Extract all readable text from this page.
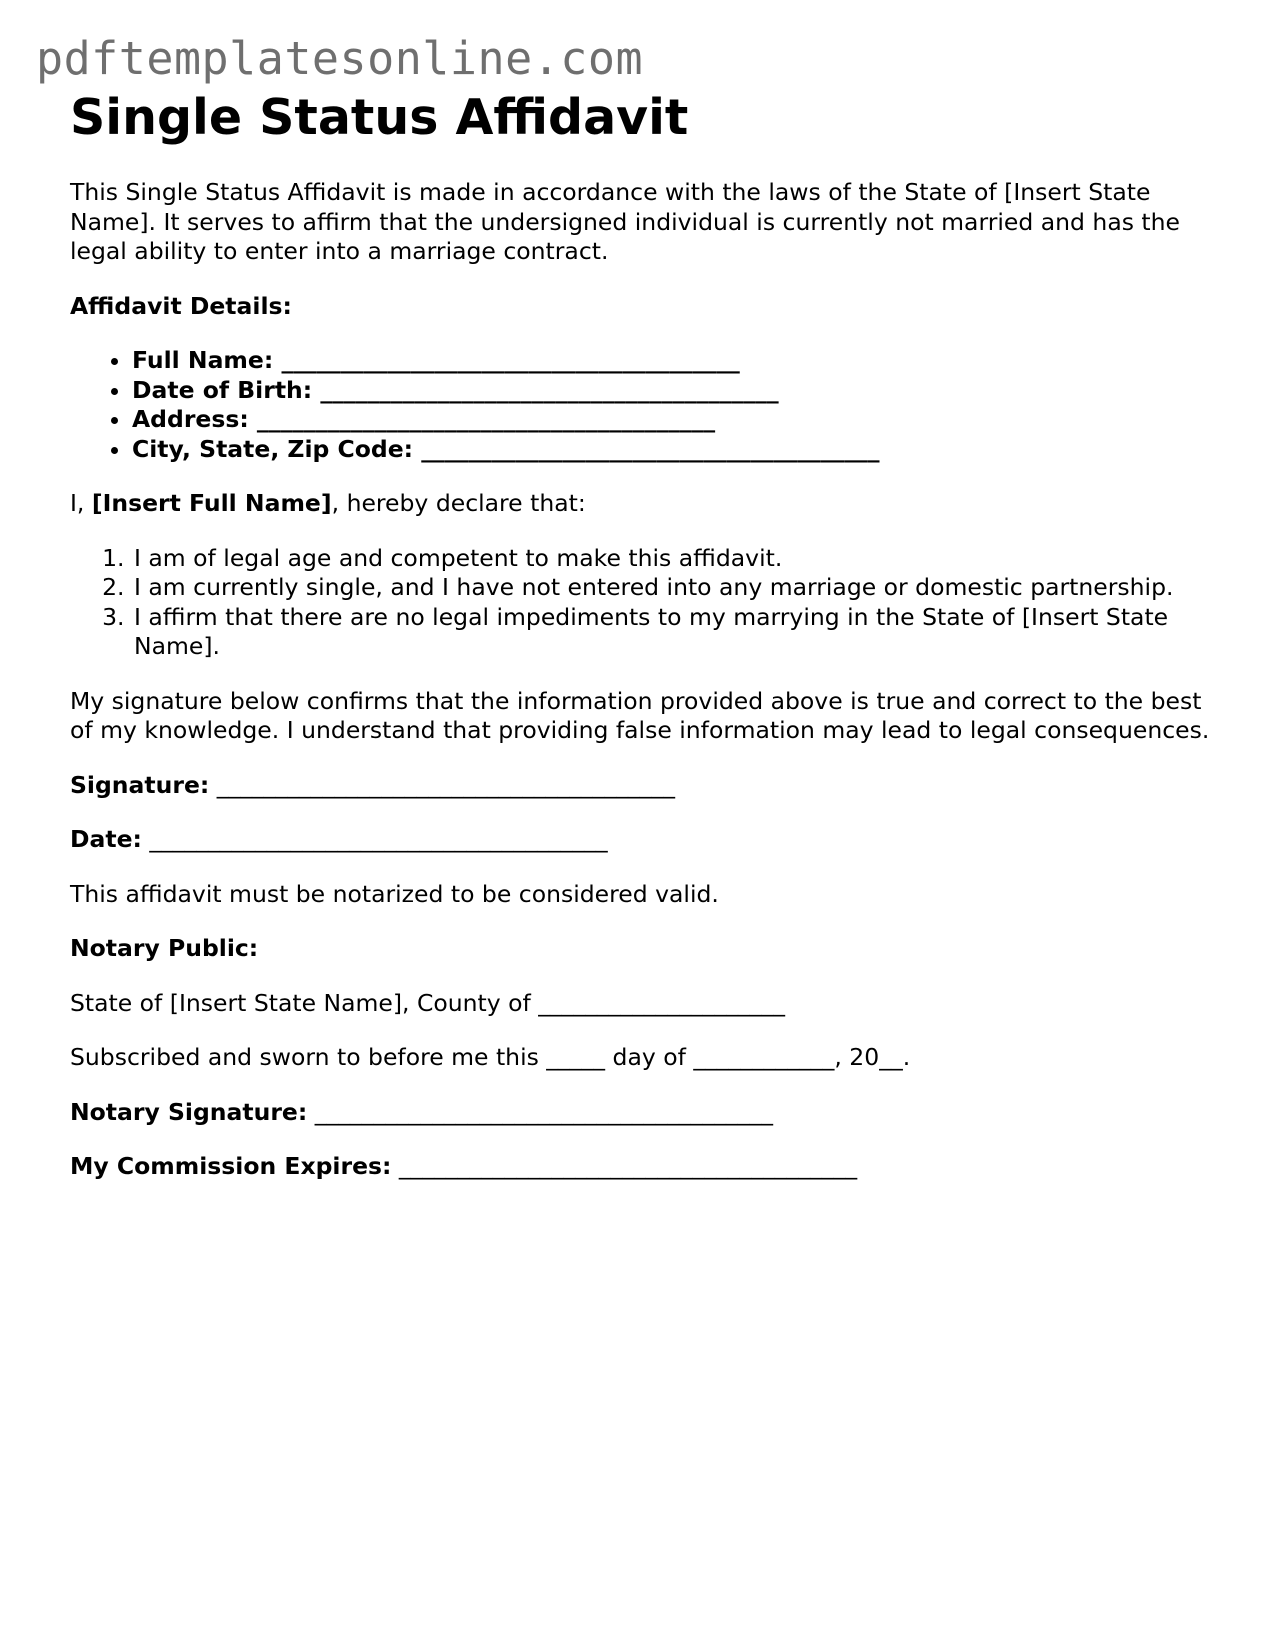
pdftemplatesonline.com
Single Status Affidavit

This Single Status Affidavit is made in accordance with the laws of the State of [Insert State Name]. It serves to affirm that the undersigned individual is currently not married and has the legal ability to enter into a marriage contract.

Affidavit Details:

• Full Name: _______________________________________
• Date of Birth: _______________________________________
• Address: _______________________________________
• City, State, Zip Code: _______________________________________

I, [Insert Full Name], hereby declare that:

1. I am of legal age and competent to make this affidavit.
2. I am currently single, and I have not entered into any marriage or domestic partnership.
3. I affirm that there are no legal impediments to my marrying in the State of [Insert State Name].

My signature below confirms that the information provided above is true and correct to the best of my knowledge. I understand that providing false information may lead to legal consequences.

Signature: _______________________________________

Date: _______________________________________

This affidavit must be notarized to be considered valid.

Notary Public:

State of [Insert State Name], County of _____________________

Subscribed and sworn to before me this _____ day of ____________, 20__.

Notary Signature: _______________________________________

My Commission Expires: _______________________________________
